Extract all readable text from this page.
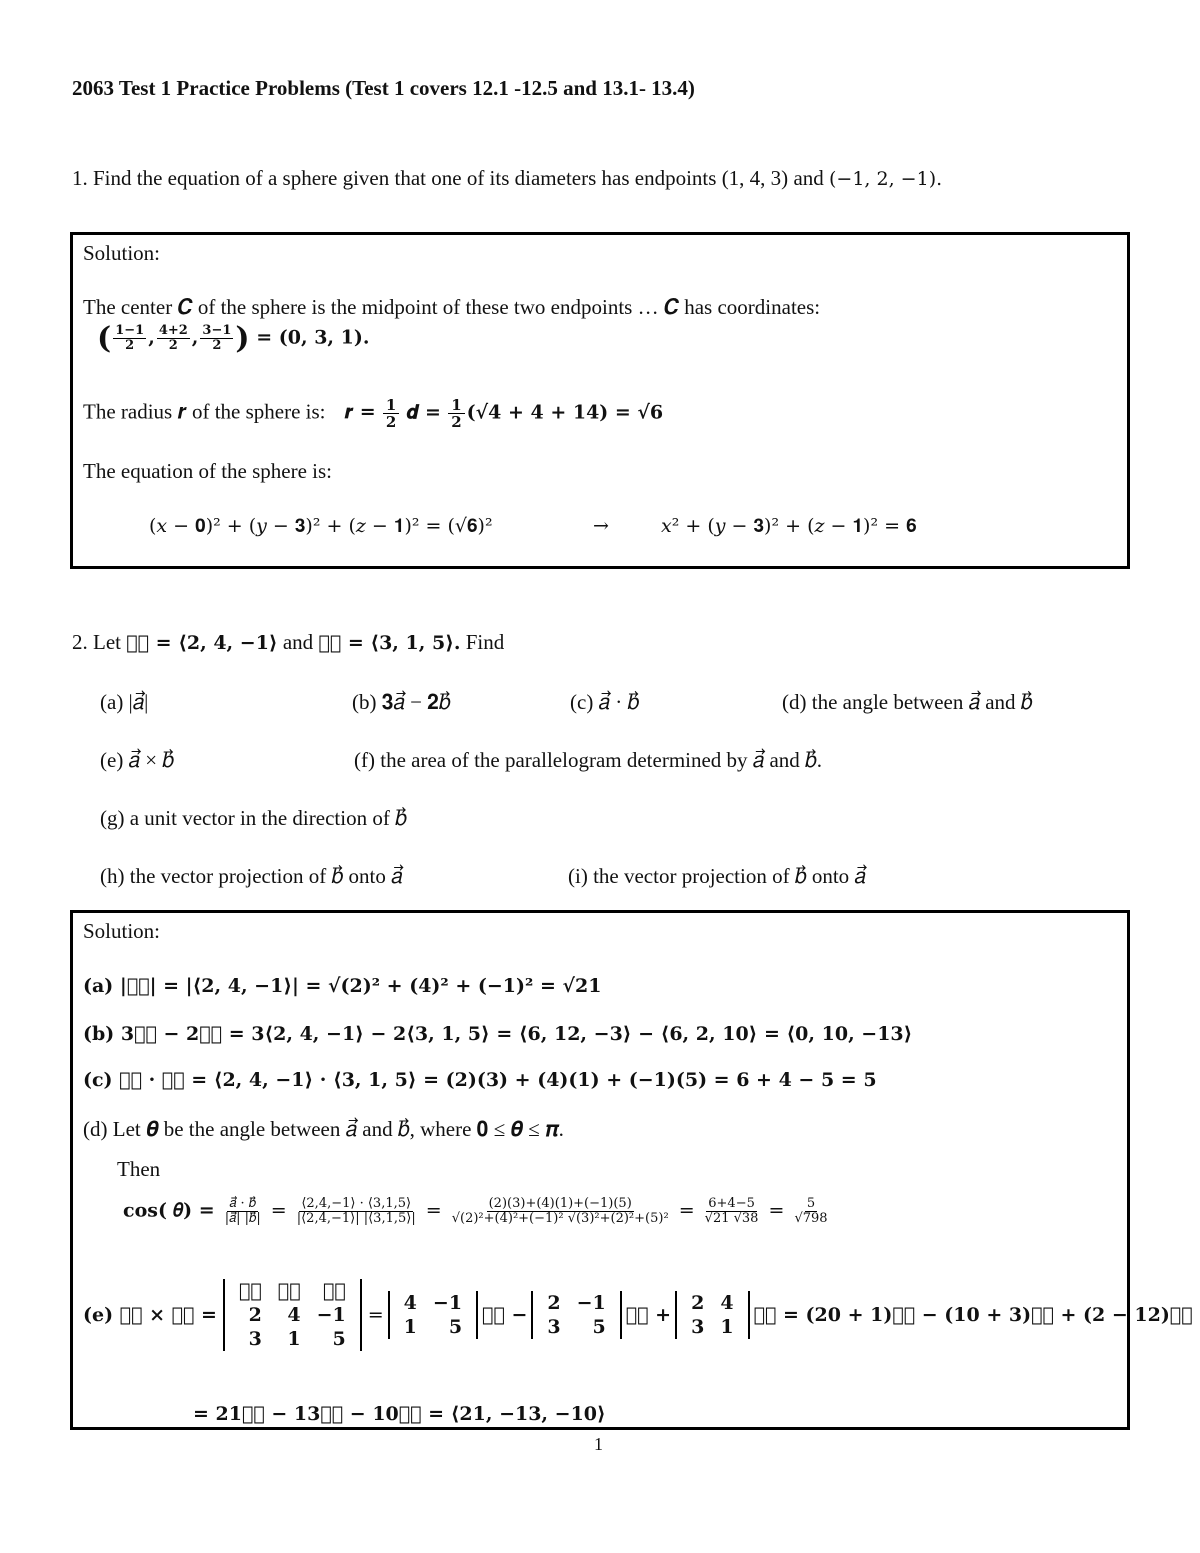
2063 Test 1 Practice Problems (Test 1 covers 12.1 -12.5 and 13.1- 13.4)
1. Find the equation of a sphere given that one of its diameters has endpoints (1, 4, 3) and (−1, 2, −1).
Solution:
The center 𝑪 of the sphere is the midpoint of these two endpoints … 𝑪 has coordinates:
( $\frac{1-1}{2}$ , $\frac{4+2}{2}$ , $\frac{3-1}{2}$ ) = (𝟎, 𝟑, 𝟏).
The radius 𝒓 of the sphere is: 𝒓 = $\frac{1}{2}$ 𝒅 = $\frac{1}{2}$ (√𝟒 + 𝟒 + 𝟏𝟒) = √𝟔
The equation of the sphere is:
(𝑥 − 𝟎)² + (𝑦 − 𝟑)² + (𝑧 − 𝟏)² = (√𝟔)²	→	𝑥² + (𝑦 − 𝟑)² + (𝑧 − 𝟏)² = 𝟔
2. Let 𝑎⃗ = ⟨𝟐, 𝟒, −𝟏⟩ and 𝑏⃗ = ⟨𝟑, 𝟏, 𝟓⟩. Find
(a) |𝑎⃗|	(b) 𝟑𝑎⃗ − 𝟐𝑏⃗	(c) 𝑎⃗ · 𝑏⃗	(d) the angle between 𝑎⃗ and 𝑏⃗
(e) 𝑎⃗ × 𝑏⃗	(f) the area of the parallelogram determined by 𝑎⃗ and 𝑏⃗.
(g) a unit vector in the direction of 𝑏⃗
(h) the vector projection of 𝑏⃗ onto 𝑎⃗	(i) the vector projection of 𝑏⃗ onto 𝑎⃗
Solution:
(a) |𝑎⃗| = |⟨𝟐, 𝟒, −𝟏⟩| = √(2)² + (4)² + (−1)² = √𝟐𝟏
(b) 𝟑𝑎⃗ − 𝟐𝑏⃗ = 𝟑⟨𝟐, 𝟒, −𝟏⟩ − 𝟐⟨𝟑, 𝟏, 𝟓⟩ = ⟨𝟔, 𝟏𝟐, −𝟑⟩ − ⟨𝟔, 𝟐, 𝟏𝟎⟩ = ⟨𝟎, 𝟏𝟎, −𝟏𝟑⟩
(c) 𝑎⃗ · 𝑏⃗ = ⟨𝟐, 𝟒, −𝟏⟩ · ⟨𝟑, 𝟏, 𝟓⟩ = (2)(3) + (4)(1) + (−1)(5) = 𝟔 + 𝟒 − 𝟓 = 𝟓
(d) Let 𝜽 be the angle between 𝑎⃗ and 𝑏⃗, where 𝟎 ≤ 𝜽 ≤ 𝝅.
Then
𝐜𝐨𝐬( 𝜃) = $\frac{\text{𝑎⃗ · 𝑏⃗}}{\text{|𝑎⃗| |𝑏⃗|}} = \frac{⟨2,4,-1⟩ \cdot ⟨3,1,5⟩}{|⟨2,4,-1⟩| |⟨3,1,5⟩|} = \frac{(2)(3)+(4)(1)+(-1)(5)}{\text{√(2)²+(4)²+(−1)² √(3)²+(2)²+(5)²}} = \frac{6+4-5}{√21 √38} = \frac{5}{√798}$
(e) 𝑎⃗ × 𝑏⃗ =
𝑖⃗	𝑗⃗	𝑘⃗
2	4	−1
3	1	5
=
4	−1
1	5
𝑖⃗ −
2	−1
3	5
𝑗⃗ +
2	4
3	1
𝑘⃗ = (𝟐𝟎 + 𝟏)𝑖⃗ − (𝟏𝟎 + 𝟑)𝑗⃗ + (𝟐 − 𝟏𝟐)𝑘⃗
= 𝟐𝟏𝑖⃗ − 𝟏𝟑𝑗⃗ − 𝟏𝟎𝑘⃗ = ⟨𝟐𝟏, −𝟏𝟑, −𝟏𝟎⟩
1
